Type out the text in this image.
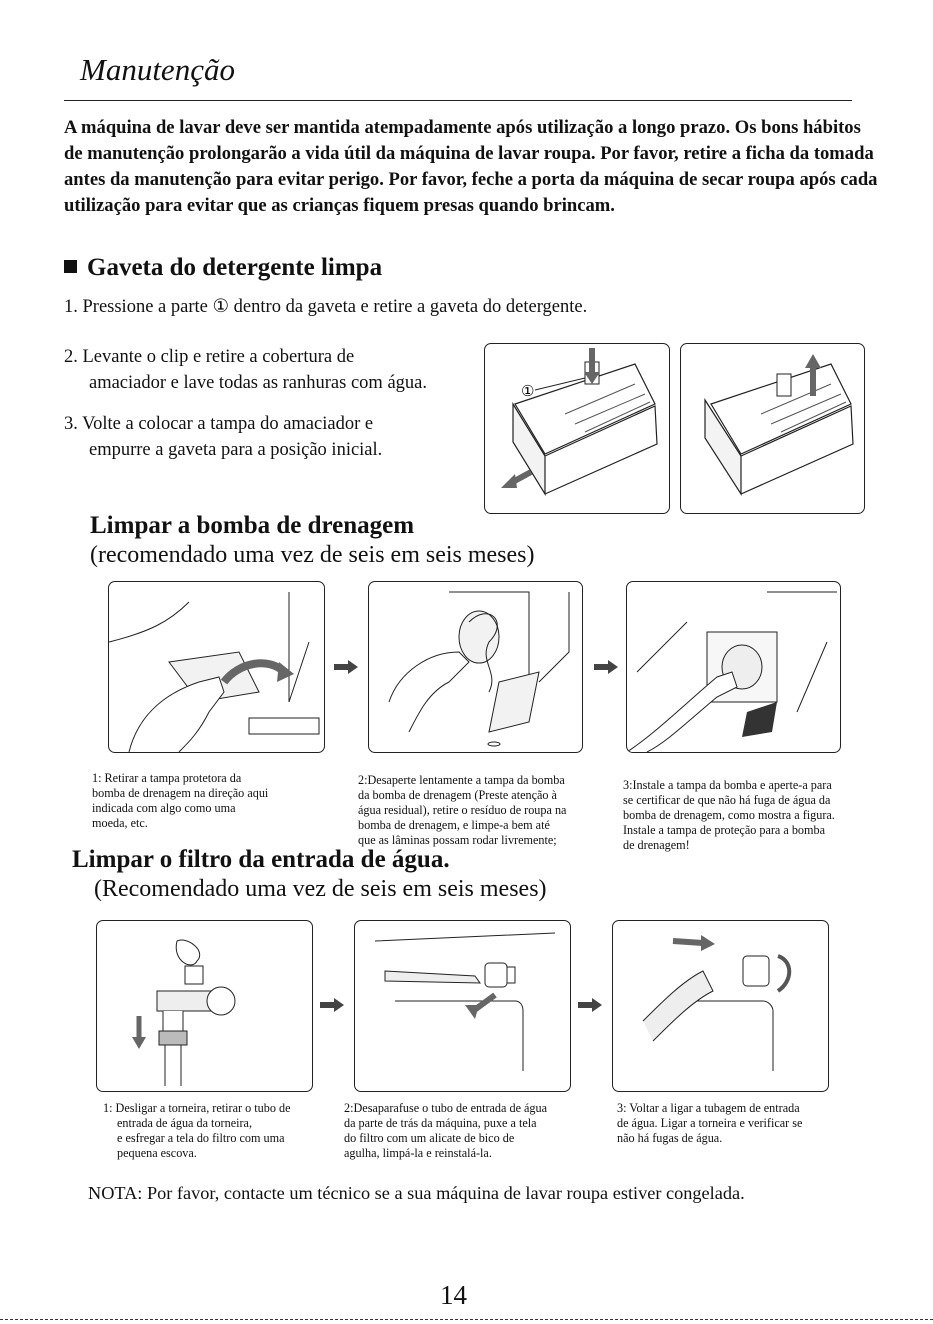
Manutenção
A máquina de lavar deve ser mantida atempadamente após utilização a longo prazo. Os bons hábitos de manutenção prolongarão a vida útil da máquina de lavar roupa. Por favor, retire a ficha da tomada antes da manutenção para evitar perigo. Por favor, feche a porta da máquina de secar roupa após cada utilização para evitar que as crianças fiquem presas quando brincam.
Gaveta do detergente limpa
1. Pressione a parte ① dentro da gaveta e retire a gaveta do detergente.
2. Levante o clip e retire a cobertura de
amaciador e lave todas as ranhuras com água.
3. Volte a colocar a tampa do amaciador e
empurre a gaveta para a posição inicial.
①
Limpar a bomba de drenagem
(recomendado uma vez de seis em seis meses)
1: Retirar a tampa protetora da
bomba de drenagem na direção aqui
indicada com algo como uma
moeda, etc.
2:Desaperte lentamente a tampa da bomba
da bomba de drenagem (Preste atenção à
água residual), retire o resíduo de roupa na
bomba de drenagem, e limpe-a bem até
que as lâminas possam rodar livremente;
3:Instale a tampa da bomba e aperte-a para
se certificar de que não há fuga de água da
bomba de drenagem, como mostra a figura.
Instale a tampa de proteção para a bomba
de drenagem!
Limpar o filtro da entrada de água.
(Recomendado uma vez de seis em seis meses)
1: Desligar a torneira, retirar o tubo de
entrada de água da torneira,
e esfregar a tela do filtro com uma
pequena escova.
2:Desaparafuse o tubo de entrada de água
da parte de trás da máquina, puxe a tela
do filtro com um alicate de bico de
agulha, limpá-la e reinstalá-la.
3: Voltar a ligar a tubagem de entrada
de água. Ligar a torneira e verificar se
não há fugas de água.
NOTA: Por favor, contacte um técnico se a sua máquina de lavar roupa estiver congelada.
14
